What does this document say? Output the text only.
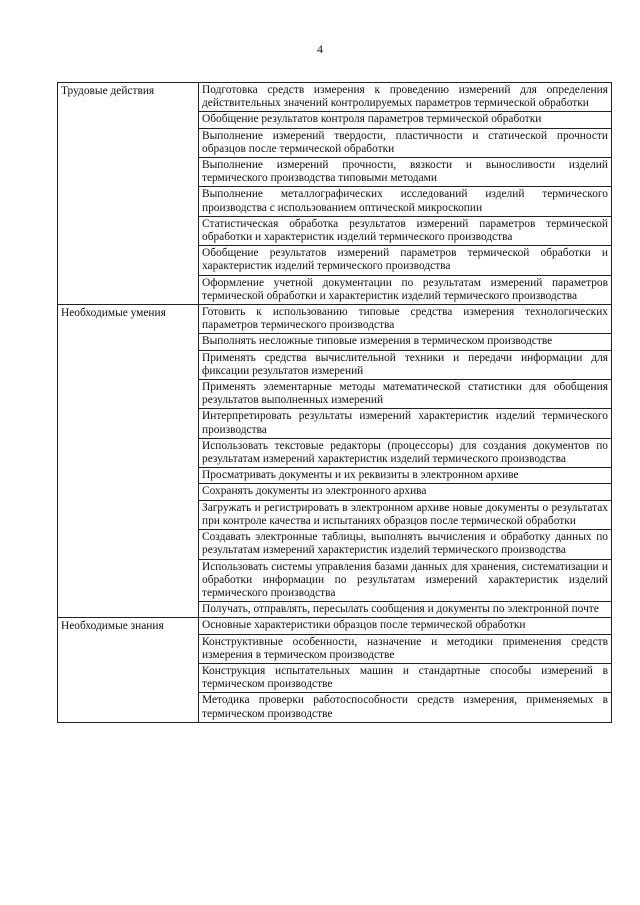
4
Трудовые действия	Подготовка средств измерения к проведению измерений для определения действительных значений контролируемых параметров термической обработки
	Обобщение результатов контроля параметров термической обработки
	Выполнение измерений твердости, пластичности и статической прочности образцов после термической обработки
	Выполнение измерений прочности, вязкости и выносливости изделий термического производства типовыми методами
	Выполнение металлографических исследований изделий термического производства с использованием оптической микроскопии
	Статистическая обработка результатов измерений параметров термической обработки и характеристик изделий термического производства
	Обобщение результатов измерений параметров термической обработки и характеристик изделий термического производства
	Оформление учетной документации по результатам измерений параметров термической обработки и характеристик изделий термического производства

Необходимые умения	Готовить к использованию типовые средства измерения технологических параметров термического производства
	Выполнять несложные типовые измерения в термическом производстве
	Применять средства вычислительной техники и передачи информации для фиксации результатов измерений
	Применять элементарные методы математической статистики для обобщения результатов выполненных измерений
	Интерпретировать результаты измерений характеристик изделий термического производства
	Использовать текстовые редакторы (процессоры) для создания документов по результатам измерений характеристик изделий термического производства
	Просматривать документы и их реквизиты в электронном архиве
	Сохранять документы из электронного архива
	Загружать и регистрировать в электронном архиве новые документы о результатах при контроле качества и испытаниях образцов после термической обработки
	Создавать электронные таблицы, выполнять вычисления и обработку данных по результатам измерений характеристик изделий термического производства
	Использовать системы управления базами данных для хранения, систематизации и обработки информации по результатам измерений характеристик изделий термического производства
	Получать, отправлять, пересылать сообщения и документы по электронной почте

Необходимые знания	Основные характеристики образцов после термической обработки
	Конструктивные особенности, назначение и методики применения средств измерения в термическом производстве
	Конструкция испытательных машин и стандартные способы измерений в термическом производстве
	Методика проверки работоспособности средств измерения, применяемых в термическом производстве
